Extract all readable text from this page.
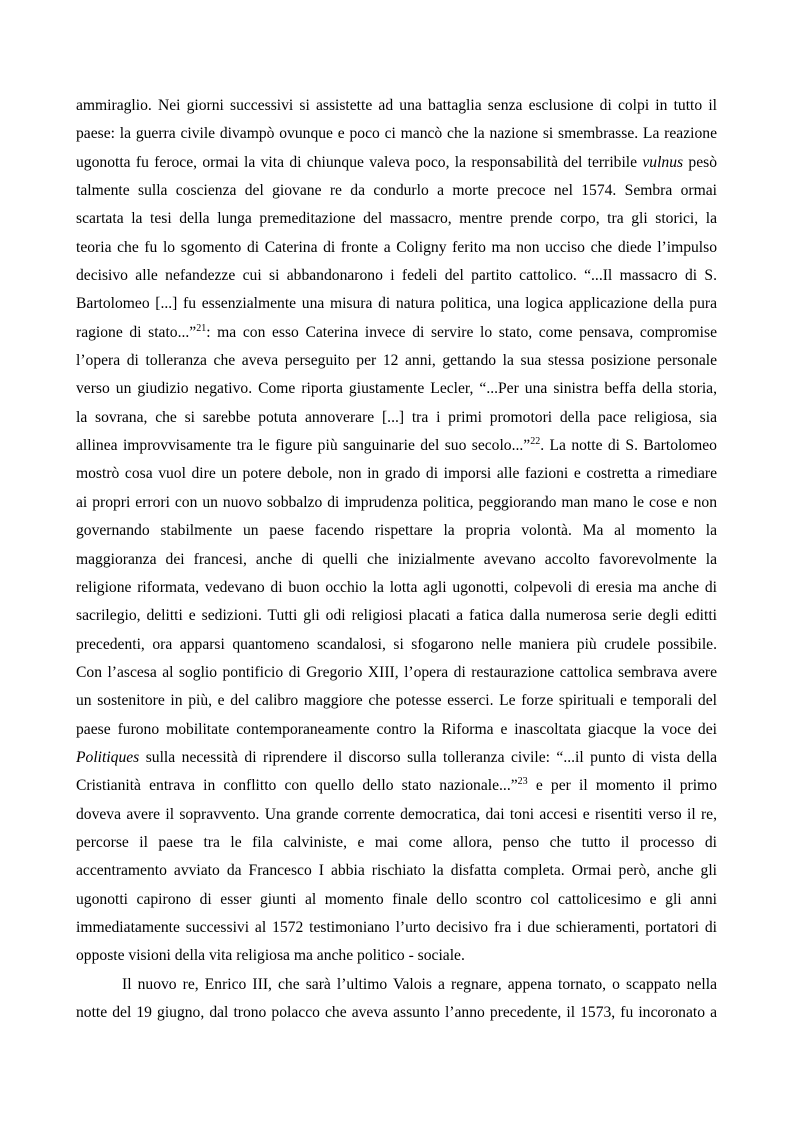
ammiraglio. Nei giorni successivi si assistette ad una battaglia senza esclusione di colpi in tutto il
paese: la guerra civile divampò ovunque e poco ci mancò che la nazione si smembrasse. La reazione
ugonotta fu feroce, ormai la vita di chiunque valeva poco, la responsabilità del terribile vulnus pesò
talmente sulla coscienza del giovane re da condurlo a morte precoce nel 1574. Sembra ormai
scartata la tesi della lunga premeditazione del massacro, mentre prende corpo, tra gli storici, la
teoria che fu lo sgomento di Caterina di fronte a Coligny ferito ma non ucciso che diede l’impulso
decisivo alle nefandezze cui si abbandonarono i fedeli del partito cattolico. “...Il massacro di S.
Bartolomeo [...] fu essenzialmente una misura di natura politica, una logica applicazione della pura
ragione di stato...”$^{21}$: ma con esso Caterina invece di servire lo stato, come pensava, compromise
l’opera di tolleranza che aveva perseguito per 12 anni, gettando la sua stessa posizione personale
verso un giudizio negativo. Come riporta giustamente Lecler, “...Per una sinistra beffa della storia,
la sovrana, che si sarebbe potuta annoverare [...] tra i primi promotori della pace religiosa, sia
allinea improvvisamente tra le figure più sanguinarie del suo secolo...”$^{22}$. La notte di S. Bartolomeo
mostrò cosa vuol dire un potere debole, non in grado di imporsi alle fazioni e costretta a rimediare
ai propri errori con un nuovo sobbalzo di imprudenza politica, peggiorando man mano le cose e non
governando stabilmente un paese facendo rispettare la propria volontà. Ma al momento la
maggioranza dei francesi, anche di quelli che inizialmente avevano accolto favorevolmente la
religione riformata, vedevano di buon occhio la lotta agli ugonotti, colpevoli di eresia ma anche di
sacrilegio, delitti e sedizioni. Tutti gli odi religiosi placati a fatica dalla numerosa serie degli editti
precedenti, ora apparsi quantomeno scandalosi, si sfogarono nelle maniera più crudele possibile.
Con l’ascesa al soglio pontificio di Gregorio XIII, l’opera di restaurazione cattolica sembrava avere
un sostenitore in più, e del calibro maggiore che potesse esserci. Le forze spirituali e temporali del
paese furono mobilitate contemporaneamente contro la Riforma e inascoltata giacque la voce dei
Politiques sulla necessità di riprendere il discorso sulla tolleranza civile: “...il punto di vista della
Cristianità entrava in conflitto con quello dello stato nazionale...”$^{23}$ e per il momento il primo
doveva avere il sopravvento. Una grande corrente democratica, dai toni accesi e risentiti verso il re,
percorse il paese tra le fila calviniste, e mai come allora, penso che tutto il processo di
accentramento avviato da Francesco I abbia rischiato la disfatta completa. Ormai però, anche gli
ugonotti capirono di esser giunti al momento finale dello scontro col cattolicesimo e gli anni
immediatamente successivi al 1572 testimoniano l’urto decisivo fra i due schieramenti, portatori di
opposte visioni della vita religiosa ma anche politico - sociale.
Il nuovo re, Enrico III, che sarà l’ultimo Valois a regnare, appena tornato, o scappato nella
notte del 19 giugno, dal trono polacco che aveva assunto l’anno precedente, il 1573, fu incoronato a
